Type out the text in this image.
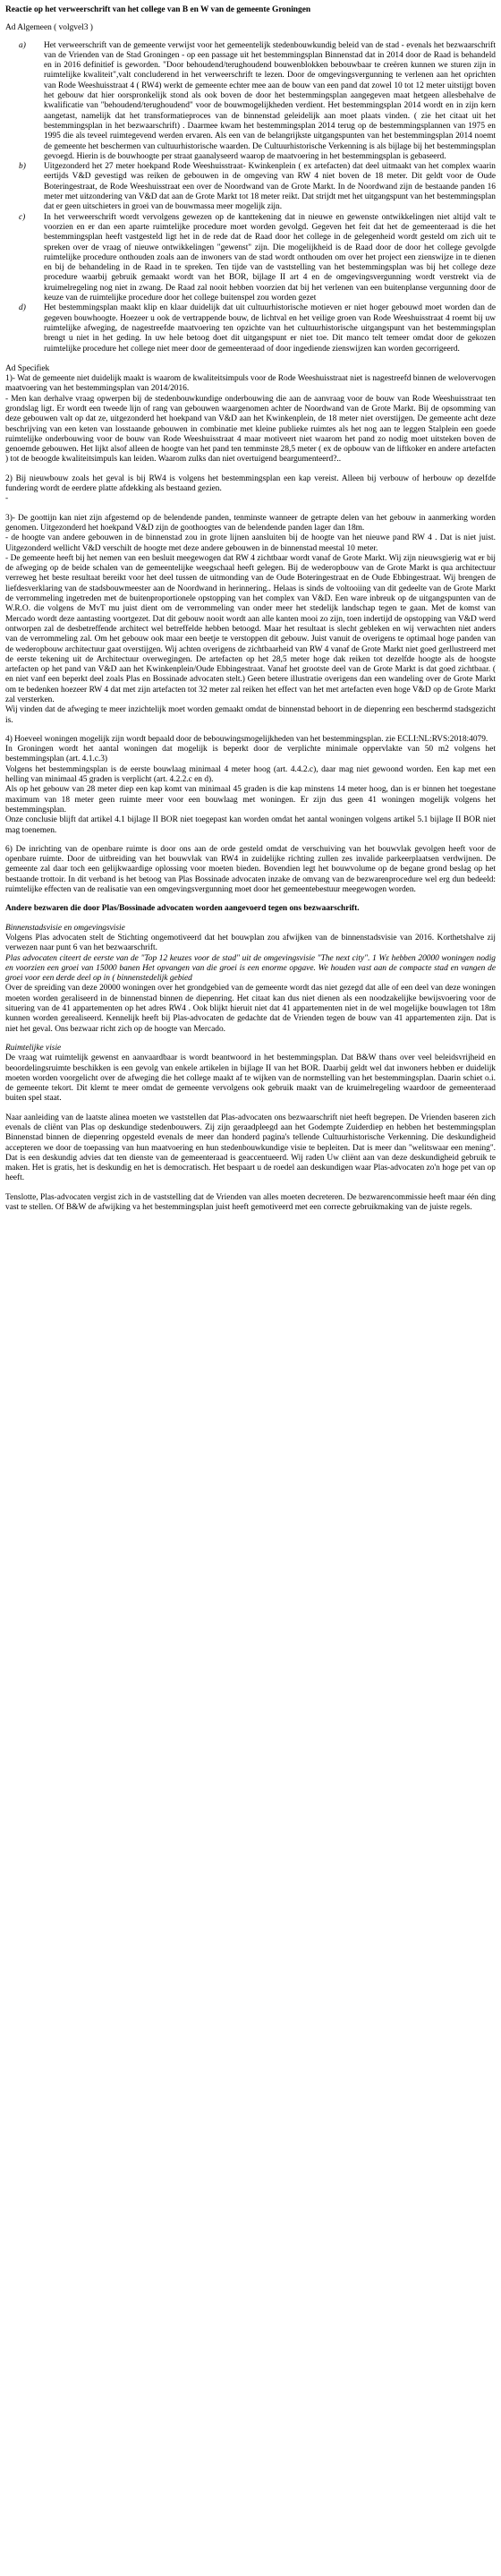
Reactie op het verweerschrift van het college van B en W van de gemeente Groningen

Ad Algemeen ( volgvel3 )

a) Het verweerschrift van de gemeente verwijst voor het gemeentelijk stedenbouwkundig beleid van de stad - evenals het bezwaarschrift van de Vrienden van de Stad Groningen - op een passage uit het bestemmingsplan Binnenstad dat in 2014 door de Raad is behandeld en in 2016 definitief is geworden. "Door behoudend/terughoudend bouwenblokken bebouwbaar te creëren kunnen we sturen zijn in ruimtelijke kwaliteit",valt concluderend in het verweerschrift te lezen. Door de omgevingsvergunning te verlenen aan het oprichten van Rode Weeshuisstraat 4 ( RW4) werkt de gemeente echter mee aan de bouw van een pand dat zowel 10 tot 12 meter uitstijgt boven het gebouw dat hier oorspronkelijk stond als ook boven de door het bestemmingsplan aangegeven maat hetgeen allesbehalve de kwalificatie van "behoudend/terughoudend" voor de bouwmogelijkheden verdient. Het bestemmingsplan 2014 wordt en in zijn kern aangetast, namelijk dat het transformatieproces van de binnenstad geleidelijk aan moet plaats vinden. ( zie het citaat uit het bestemmingsplan in het bezwaarschrift) . Daarmee kwam het bestemmingsplan 2014 terug op de bestemmingsplannen van 1975 en 1995 die als teveel ruimtegevend werden ervaren. Als een van de belangrijkste uitgangspunten van het bestemmingsplan 2014 noemt de gemeente het beschermen van cultuurhistorische waarden. De Cultuurhistorische Verkenning is als bijlage bij het bestemmingsplan gevoegd. Hierin is de bouwhoogte per straat gaanalyseerd waarop de maatvoering in het bestemmingsplan is gebaseerd.
b) Uitgezonderd het 27 meter hoekpand Rode Weeshuisstraat- Kwinkenplein ( ex artefacten) dat deel uitmaakt van het complex waarin eertijds V&D gevestigd was reiken de gebouwen in de omgeving van RW 4 niet boven de 18 meter. Dit geldt voor de Oude Boteringestraat, de Rode Weeshuisstraat een over de Noordwand van de Grote Markt. In de Noordwand zijn de bestaande panden 16 meter met uitzondering van V&D dat aan de Grote Markt tot 18 meter reikt. Dat strijdt met het uitgangspunt van het bestemmingsplan dat er geen uitschieters in groei van de bouwmassa meer mogelijk zijn.
c) In het verweerschrift wordt vervolgens gewezen op de kanttekening dat in nieuwe en gewenste ontwikkelingen niet altijd valt te voorzien en er dan een aparte ruimtelijke procedure moet worden gevolgd. Gegeven het feit dat het de gemeenteraad is die het bestemmingsplan heeft vastgesteld ligt het in de rede dat de Raad door het college in de gelegenheid wordt gesteld om zich uit te spreken over de vraag of nieuwe ontwikkelingen "gewenst" zijn. Die mogelijkheid is de Raad door de door het college gevolgde ruimtelijke procedure onthouden zoals aan de inwoners van de stad wordt onthouden om over het project een zienswijze in te dienen en bij de behandeling in de Raad in te spreken. Ten tijde van de vaststelling van het bestemmingsplan was bij het college deze procedure waarbij gebruik gemaakt wordt van het BOR, bijlage II art 4 en de omgevingsvergunning wordt verstrekt via de kruimelregeling nog niet in zwang. De Raad zal nooit hebben voorzien dat bij het verlenen van een buitenplanse vergunning door de keuze van de ruimtelijke procedure door het college buitenspel zou worden gezet
d) Het bestemmingsplan maakt klip en klaar duidelijk dat uit cultuurhistorische motieven er niet hoger gebouwd moet worden dan de gegeven bouwhoogte. Hoezeer u ook de vertrappende bouw, de lichtval en het veilige groen van Rode Weeshuisstraat 4 roemt bij uw ruimtelijke afweging, de nagestreefde maatvoering ten opzichte van het cultuurhistorische uitgangspunt van het bestemmingsplan brengt u niet in het geding. In uw hele betoog doet dit uitgangspunt er niet toe. Dit manco telt temeer omdat door de gekozen ruimtelijke procedure het college niet meer door de gemeenteraad of door ingediende zienswijzen kan worden gecorrigeerd.

Ad Specifiek

1)- Wat de gemeente niet duidelijk maakt is waarom de kwaliteitsimpuls voor de Rode Weeshuisstraat niet is nagestreefd binnen de welovervogen maatvoering van het bestemmingsplan van 2014/2016.

- Men kan derhalve vraag opwerpen bij de stedenbouwkundige onderbouwing die aan de aanvraag voor de bouw van Rode Weeshuisstraat ten grondslag ligt. Er wordt een tweede lijn of rang van gebouwen waargenomen achter de Noordwand van de Grote Markt. Bij de opsomming van deze gebouwen valt op dat ze, uitgezonderd het hoekpand van V&D aan het Kwinkenplein, de 18 meter niet overstijgen. De gemeente acht deze beschrijving van een keten van losstaande gebouwen in combinatie met kleine publieke ruimtes als het nog aan te leggen Stalplein een goede ruimtelijke onderbouwing voor de bouw van Rode Weeshuisstraat 4 maar motiveert niet waarom het pand zo nodig moet uitsteken boven de genoemde gebouwen. Het lijkt alsof alleen de hoogte van het pand ten temminste 28,5 meter ( ex de opbouw van de liftkoker en andere artefacten ) tot de beoogde kwaliteitsimpuls kan leiden. Waarom zulks dan niet overtuigend beargumenteerd?..

2) Bij nieuwbouw zoals het geval is bij RW4 is volgens het bestemmingsplan een kap vereist. Alleen bij verbouw of herbouw op dezelfde fundering wordt de eerdere platte afdekking als bestaand gezien.

-

3)- De goottijn kan niet zijn afgestemd op de belendende panden, tenminste wanneer de getrapte delen van het gebouw in aanmerking worden genomen. Uitgezonderd het hoekpand V&D zijn de goothoogtes van de belendende panden lager dan 18m.

- de hoogte van andere gebouwen in de binnenstad zou in grote lijnen aansluiten bij de hoogte van het nieuwe pand RW 4 . Dat is niet juist. Uitgezonderd wellicht V&D verschilt de hoogte met deze andere gebouwen in de binnenstad meestal 10 meter.

- De gemeente heeft bij het nemen van een besluit meegewogen dat RW 4 zichtbaar wordt vanaf de Grote Markt. Wij zijn nieuwsgierig wat er bij de afweging op de beide schalen van de gemeentelijke weegschaal heeft gelegen. Bij de wederopbouw van de Grote Markt is qua architectuur verreweg het beste resultaat bereikt voor het deel tussen de uitmonding van de Oude Boteringestraat en de Oude Ebbingestraat. Wij brengen de liefdesverklaring van de stadsbouwmeester aan de Noordwand in herinnering.. Helaas is sinds de voltooiing van dit gedeelte van de Grote Markt de verrommeling ingetreden met de buitenproportionele opstopping van het complex van V&D. Een ware inbreuk op de uitgangspunten van de W.R.O. die volgens de MvT mu juist dient om de verrommeling van onder meer het stedelijk landschap tegen te gaan. Met de komst van Mercado wordt deze aantasting voortgezet. Dat dit gebouw nooit wordt aan alle kanten mooi zo zijn, toen indertijd de opstopping van V&D werd ontworpen zal de desbetreffende architect wel betreffelde hebben betoogd. Maar het resultaat is slecht gebleken en wij verwachten niet anders van de verrommeling zal. Om het gebouw ook maar een beetje te verstoppen dit gebouw. Juist vanuit de overigens te optimaal hoge panden van de wederopbouw architectuur gaat overstijgen. Wij achten overigens de zichtbaarheid van RW 4 vanaf de Grote Markt niet goed gerllustreerd met de eerste tekening uit de Architectuur overwegingen. De artefacten op het 28,5 meter hoge dak reiken tot dezelfde hoogte als de hoogste artefacten op het pand van V&D aan het Kwinkenplein/Oude Ebbingestraat. Vanaf het grootste deel van de Grote Markt is dat goed zichtbaar. ( en niet vanf een beperkt deel zoals Plas en Bossinade advocaten stelt.) Geen betere illustratie overigens dan een wandeling over de Grote Markt om te bedenken hoezeer RW 4 dat met zijn artefacten tot 32 meter zal reiken het effect van het met artefacten even hoge V&D op de Grote Markt zal versterken.

Wij vinden dat de afweging te meer inzichtelijk moet worden gemaakt omdat de binnenstad behoort in de diepenring een beschermd stadsgezicht is.

4) Hoeveel woningen mogelijk zijn wordt bepaald door de bebouwingsmogelijkheden van het bestemmingsplan. zie ECLI:NL:RVS:2018:4079.

In Groningen wordt het aantal woningen dat mogelijk is beperkt door de verplichte minimale oppervlakte van 50 m2 volgens het bestemmingsplan (art. 4.1.c.3)

Volgens het bestemmingsplan is de eerste bouwlaag minimaal 4 meter hoog (art. 4.4.2.c), daar mag niet gewoond worden. Een kap met een helling van minimaal 45 graden is verplicht (art. 4.2.2.c en d).

Als op het gebouw van 28 meter diep een kap komt van minimaal 45 graden is die kap minstens 14 meter hoog, dan is er binnen het toegestane maximum van 18 meter geen ruimte meer voor een bouwlaag met woningen. Er zijn dus geen 41 woningen mogelijk volgens het bestemmingsplan.

Onze conclusie blijft dat artikel 4.1 bijlage II BOR niet toegepast kan worden omdat het aantal woningen volgens artikel 5.1 bijlage II BOR niet mag toenemen.

6) De inrichting van de openbare ruimte is door ons aan de orde gesteld omdat de verschuiving van het bouwvlak gevolgen heeft voor de openbare ruimte. Door de uitbreiding van het bouwvlak van RW4 in zuidelijke richting zullen zes invalide parkeerplaatsen verdwijnen. De gemeente zal daar toch een gelijkwaardige oplossing voor moeten bieden. Bovendien legt het bouwvolume op de begane grond beslag op het bestaande trottoir. In dit verband is het betoog van Plas Bossinade advocaten inzake de omvang van de bezwarenprocedure wel erg dun bedeeld: ruimtelijke effecten van de realisatie van een omgevingsvergunning moet door het gemeentebestuur meegewogen worden.

Andere bezwaren die door Plas/Bossinade advocaten worden aangevoerd tegen ons bezwaarschrift.

Binnenstadsvisie en omgevingsvisie

Volgens Plas advocaten stelt de Stichting ongemotiveerd dat het bouwplan zou afwijken van de binnenstadsvisie van 2016. Korthetshalve zij verwezen naar punt 6 van het bezwaarschrift.

Plas advocaten citeert de eerste van de "Top 12 keuzes voor de stad" uit de omgevingsvisie "The next city". 1 Wε hebben 20000 woningen nodig en voorzien een groei van 15000 banen Het opvangen van die groei is een enorme opgave. We houden vast aan de compacte stad en vangen de groei voor een derde deel op in ( binnenstedelijk gebied

Over de spreiding van deze 20000 woningen over het grondgebied van de gemeente wordt das niet gezegd dat alle of een deel van deze woningen moeten worden geraliseerd in de binnenstad binnen de diepenring. Het citaat kan dus niet dienen als een noodzakelijke bewijsvoering voor de situering van de 41 appartementen op het adres RW4 . Ook blijkt hieruit niet dat 41 appartementen niet in de wel mogelijke bouwlagen tot 18m kunnen worden gerealiseerd. Kennelijk heeft bij Plas-advocaten de gedachte dat de Vrienden tegen de bouw van 41 appartementen zijn. Dat is niet het geval. Ons bezwaar richt zich op de hoogte van Mercado.

Ruimtelijke visie

De vraag wat ruimtelijk gewenst en aanvaardbaar is wordt beantwoord in het bestemmingsplan. Dat B&W thans over veel beleidsvrijheid en beoordelingsruimte beschikken is een gevolg van enkele artikelen in bijlage II van het BOR. Daarbij geldt wel dat inwoners hebben er duidelijk moeten worden voorgelicht over de afweging die het college maakt af te wijken van de normstelling van het bestemmingsplan. Daarin schiet o.i. de gemeente tekort. Dit klemt te meer omdat de gemeente vervolgens ook gebruik maakt van de kruimelregeling waardoor de gemeenteraad buiten spel staat.

Naar aanleiding van de laatste alinea moeten we vaststellen dat Plas-advocaten ons bezwaarschrift niet heeft begrepen. De Vrienden baseren zich evenals de cliënt van Plas op deskundige stedenbouwers. Zij zijn geraadpleegd aan het Godempte Zuiderdiep en hebben het bestemmingsplan Binnenstad binnen de diepenring opgesteld evenals de meer dan honderd pagina's tellende Cultuurhistorische Verkenning. Die deskundigheid accepteren we door de toepassing van hun maatvoering en hun stedenbouwkundige visie te bepleiten. Dat is meer dan "welitswaar een mening". Dat is een deskundig advies dat ten dienste van de gemeenteraad is geaccentueerd. Wij raden Uw cliënt aan van deze deskundigheid gebruik te maken. Het is gratis, het is deskundig en het is democratisch. Het bespaart u de roedel aan deskundigen waar Plas-advocaten zo'n hoge pet van op heeft.

Tenslotte, Plas-advocaten vergist zich in de vaststelling dat de Vrienden van alles moeten decreteren. De bezwarencommissie heeft maar één ding vast te stellen. Of B&W de afwijking va het bestemmingsplan juist heeft gemotiveerd met een correcte gebruikmaking van de juiste regels.
